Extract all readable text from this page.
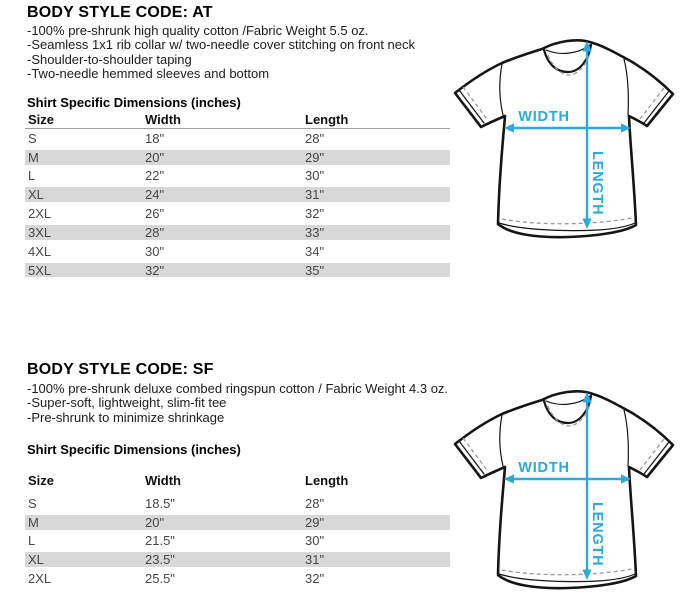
BODY STYLE CODE: AT
-100% pre-shrunk high quality cotton /Fabric Weight 5.5 oz.
-Seamless 1x1 rib collar w/ two-needle cover stitching on front neck
-Shoulder-to-shoulder taping
-Two-needle hemmed sleeves and bottom
Shirt Specific Dimensions (inches)
Size	Width	Length
S	18"	28"
M	20"	29"
L	22"	30"
XL	24"	31"
2XL	26"	32"
3XL	28"	33"
4XL	30"	34"
5XL	32"	35"
BODY STYLE CODE: SF
-100% pre-shrunk deluxe combed ringspun cotton / Fabric Weight 4.3 oz.
-Super-soft, lightweight, slim-fit tee
-Pre-shrunk to minimize shrinkage
Shirt Specific Dimensions (inches)
Size	Width	Length
S	18.5"	28"
M	20"	29"
L	21.5"	30"
XL	23.5"	31"
2XL	25.5"	32"
WIDTH
LENGTH
WIDTH
LENGTH
